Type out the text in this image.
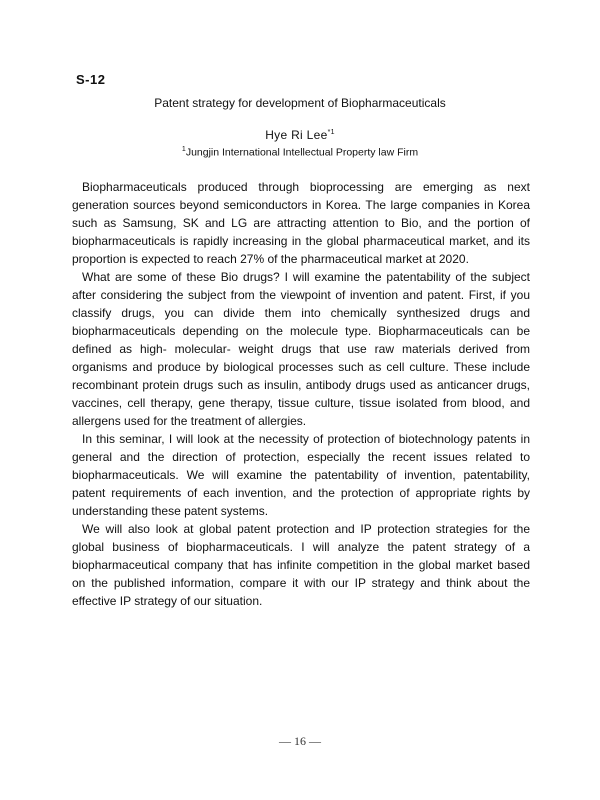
S-12
Patent strategy for development of Biopharmaceuticals
Hye Ri Lee$^{*1}$
$^1$Jungjin International Intellectual Property law Firm

Biopharmaceuticals produced through bioprocessing are emerging as next generation sources beyond semiconductors in Korea. The large companies in Korea such as Samsung, SK and LG are attracting attention to Bio, and the portion of biopharmaceuticals is rapidly increasing in the global pharmaceutical market, and its proportion is expected to reach 27% of the pharmaceutical market at 2020.

What are some of these Bio drugs? I will examine the patentability of the subject after considering the subject from the viewpoint of invention and patent. First, if you classify drugs, you can divide them into chemically synthesized drugs and biopharmaceuticals depending on the molecule type. Biopharmaceuticals can be defined as high- molecular- weight drugs that use raw materials derived from organisms and produce by biological processes such as cell culture. These include recombinant protein drugs such as insulin, antibody drugs used as anticancer drugs, vaccines, cell therapy, gene therapy, tissue culture, tissue isolated from blood, and allergens used for the treatment of allergies.

In this seminar, I will look at the necessity of protection of biotechnology patents in general and the direction of protection, especially the recent issues related to biopharmaceuticals. We will examine the patentability of invention, patentability, patent requirements of each invention, and the protection of appropriate rights by understanding these patent systems.

We will also look at global patent protection and IP protection strategies for the global business of biopharmaceuticals. I will analyze the patent strategy of a biopharmaceutical company that has infinite competition in the global market based on the published information, compare it with our IP strategy and think about the effective IP strategy of our situation.

— 16 —
